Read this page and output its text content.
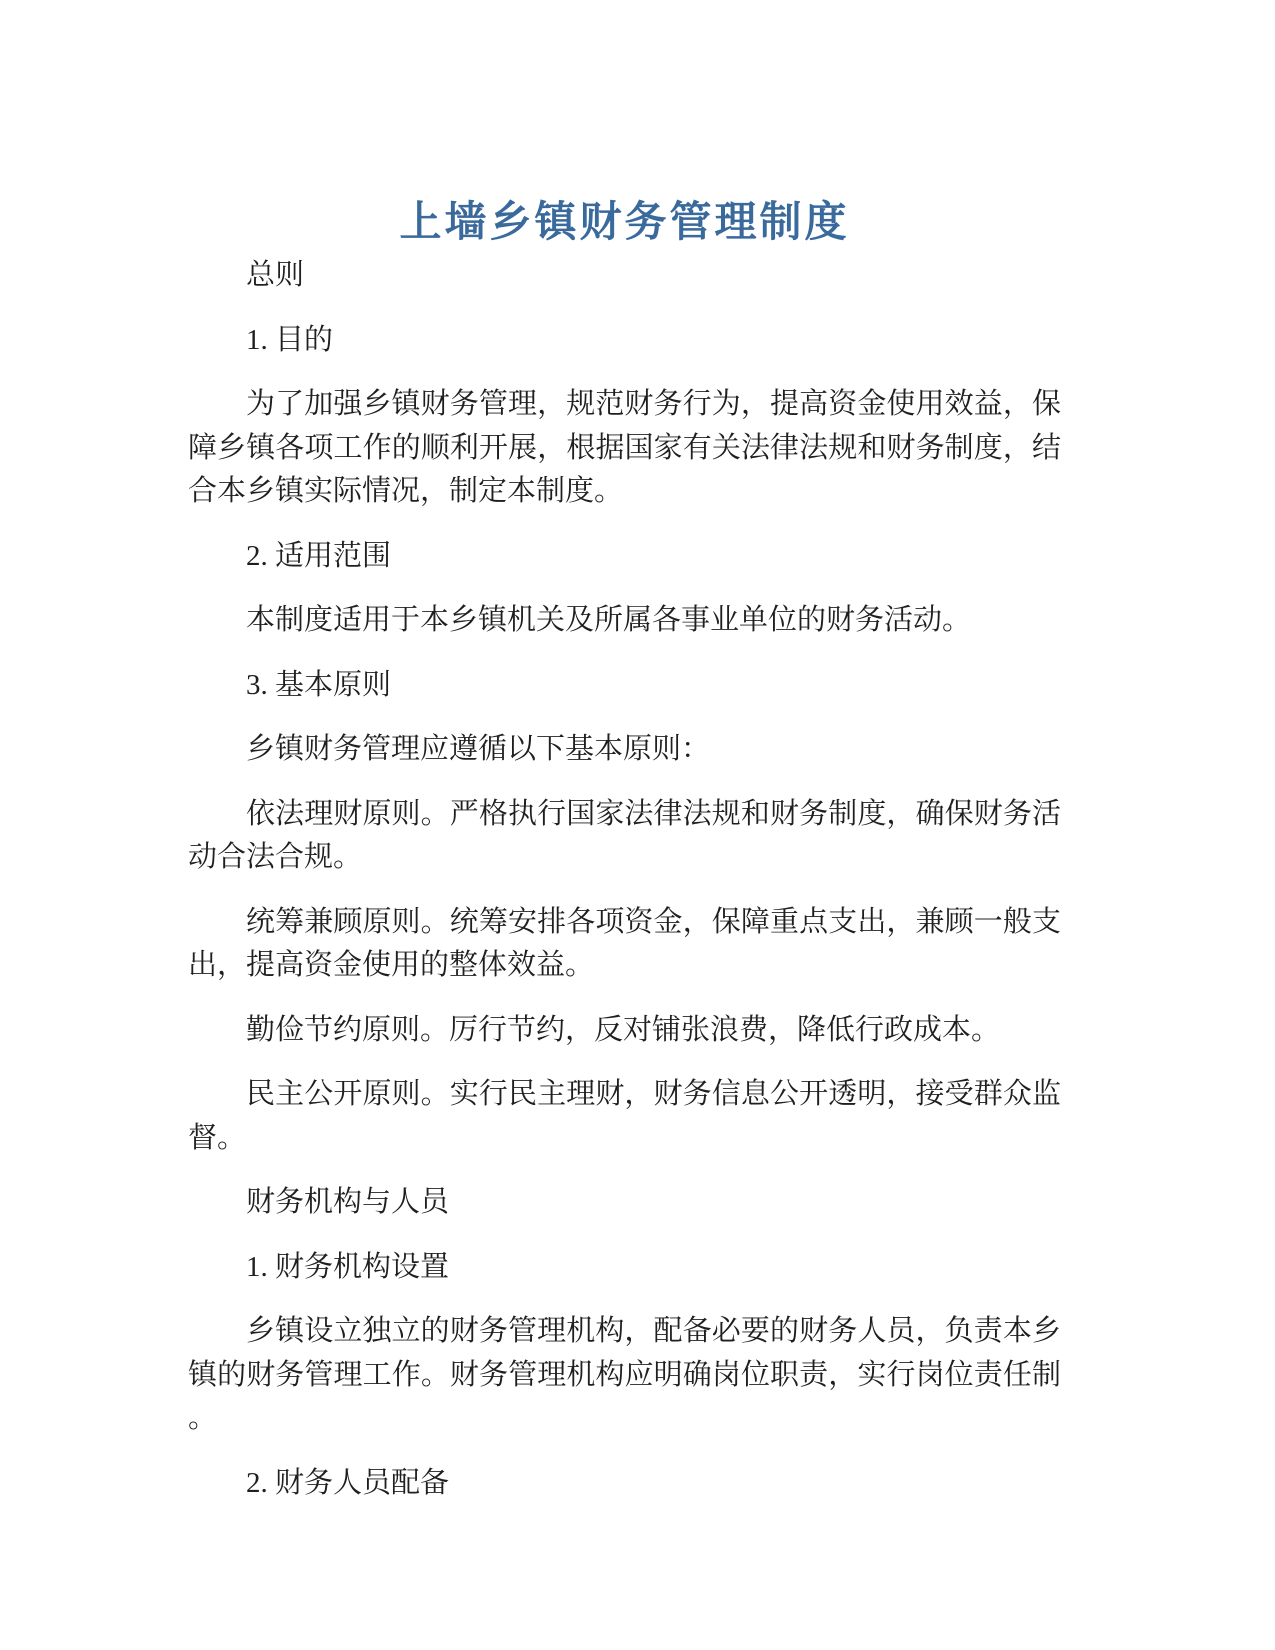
上墙乡镇财务管理制度

总则

1. 目的

为了加强乡镇财务管理，规范财务行为，提高资金使用效益，保障乡镇各项工作的顺利开展，根据国家有关法律法规和财务制度，结合本乡镇实际情况，制定本制度。

2. 适用范围

本制度适用于本乡镇机关及所属各事业单位的财务活动。

3. 基本原则

乡镇财务管理应遵循以下基本原则：

依法理财原则。严格执行国家法律法规和财务制度，确保财务活动合法合规。

统筹兼顾原则。统筹安排各项资金，保障重点支出，兼顾一般支出，提高资金使用的整体效益。

勤俭节约原则。厉行节约，反对铺张浪费，降低行政成本。

民主公开原则。实行民主理财，财务信息公开透明，接受群众监督。

财务机构与人员

1. 财务机构设置

乡镇设立独立的财务管理机构，配备必要的财务人员，负责本乡镇的财务管理工作。财务管理机构应明确岗位职责，实行岗位责任制。

2. 财务人员配备
